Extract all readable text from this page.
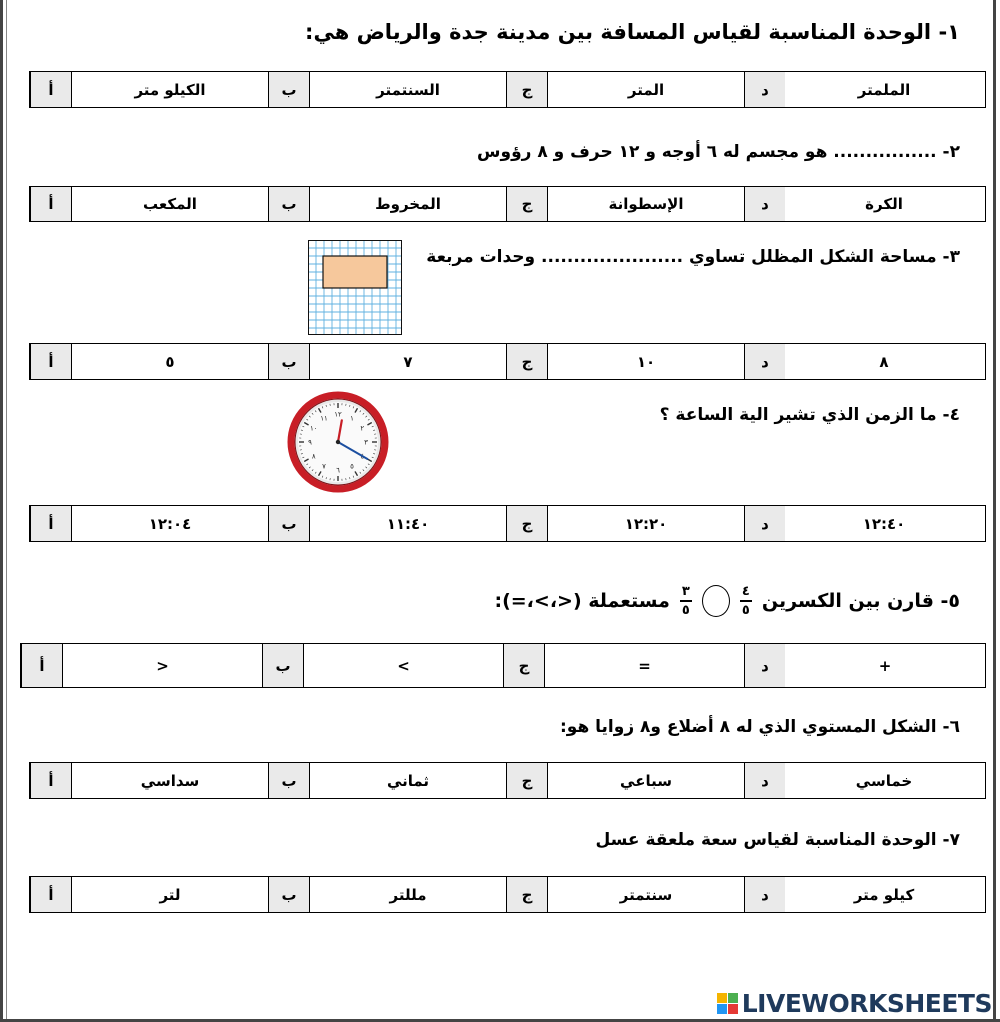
١- الوحدة المناسبة لقياس المسافة بين مدينة جدة والرياض هي:
أ	الكيلو متر	ب	السنتمتر	ج	المتر	د	الملمتر
٢- ................ هو مجسم له ٦ أوجه و ١٢ حرف و ٨ رؤوس
أ	المكعب	ب	المخروط	ج	الإسطوانة	د	الكرة
٣- مساحة الشكل المظلل تساوي ...................... وحدات مربعة
أ	٥	ب	٧	ج	١٠	د	٨
٤- ما الزمن الذي تشير الية الساعة ؟
١٢ ١
٢
٣
٥
٦
٧
٨
٩
١٠
١١
أ	١٢:٠٤	ب	١١:٤٠	ج	١٢:٢٠	د	١٢:٤٠
٥- قارن بين الكسرين
$\frac{٤}{٥}$
$\frac{٣}{٥}$
مستعملة (<،>،=):
أ	<	ب	>	ج	=	د	+
٦- الشكل المستوي الذي له ٨ أضلاع و٨ زوايا هو:
أ	سداسي	ب	ثماني	ج	سباعي	د	خماسي
٧- الوحدة المناسبة لقياس سعة ملعقة عسل
أ	لتر	ب	مللتر	ج	سنتمتر	د	كيلو متر
LIVEWORKSHEETS
